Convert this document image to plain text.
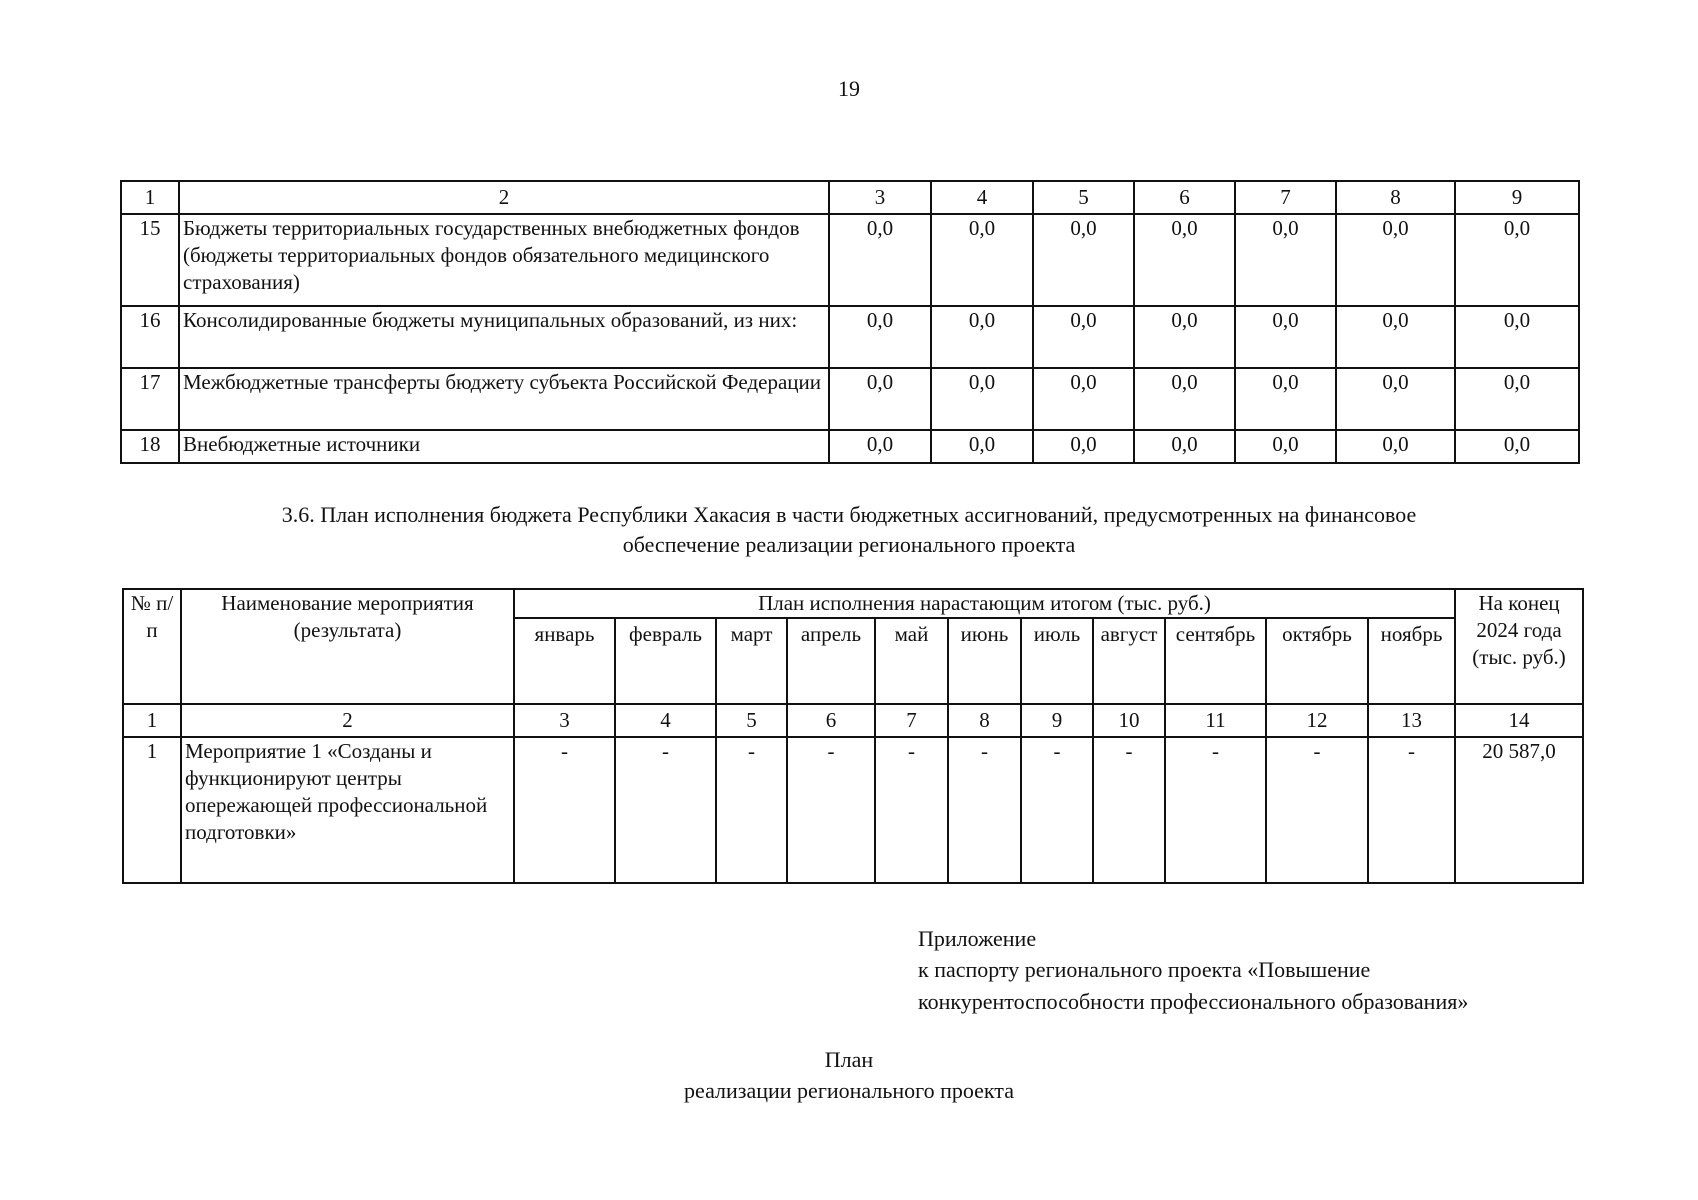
19
1	2	3	4	5	6	7	8	9
15	Бюджеты территориальных государственных внебюджетных фондов (бюджеты территориальных фондов обязательного медицинского страхования)	0,0	0,0	0,0	0,0	0,0	0,0	0,0
16	Консолидированные бюджеты муниципальных образований, из них:	0,0	0,0	0,0	0,0	0,0	0,0	0,0
17	Межбюджетные трансферты бюджету субъекта Российской Федерации	0,0	0,0	0,0	0,0	0,0	0,0	0,0
18	Внебюджетные источники	0,0	0,0	0,0	0,0	0,0	0,0	0,0
3.6. План исполнения бюджета Республики Хакасия в части бюджетных ассигнований, предусмотренных на финансовое
обеспечение реализации регионального проекта
№ п/п	Наименование мероприятия (результата)	План исполнения нарастающим итогом (тыс. руб.)											На конец 2024 года (тыс. руб.)
		январь	февраль	март	апрель	май	июнь	июль	август	сентябрь	октябрь	ноябрь	
1	2	3	4	5	6	7	8	9	10	11	12	13	14
1	Мероприятие 1 «Созданы и функционируют центры опережающей профессиональной подготовки»	-	-	-	-	-	-	-	-	-	-	-	20 587,0
Приложение
к паспорту регионального проекта «Повышение
конкурентоспособности профессионального образования»
План
реализации регионального проекта
